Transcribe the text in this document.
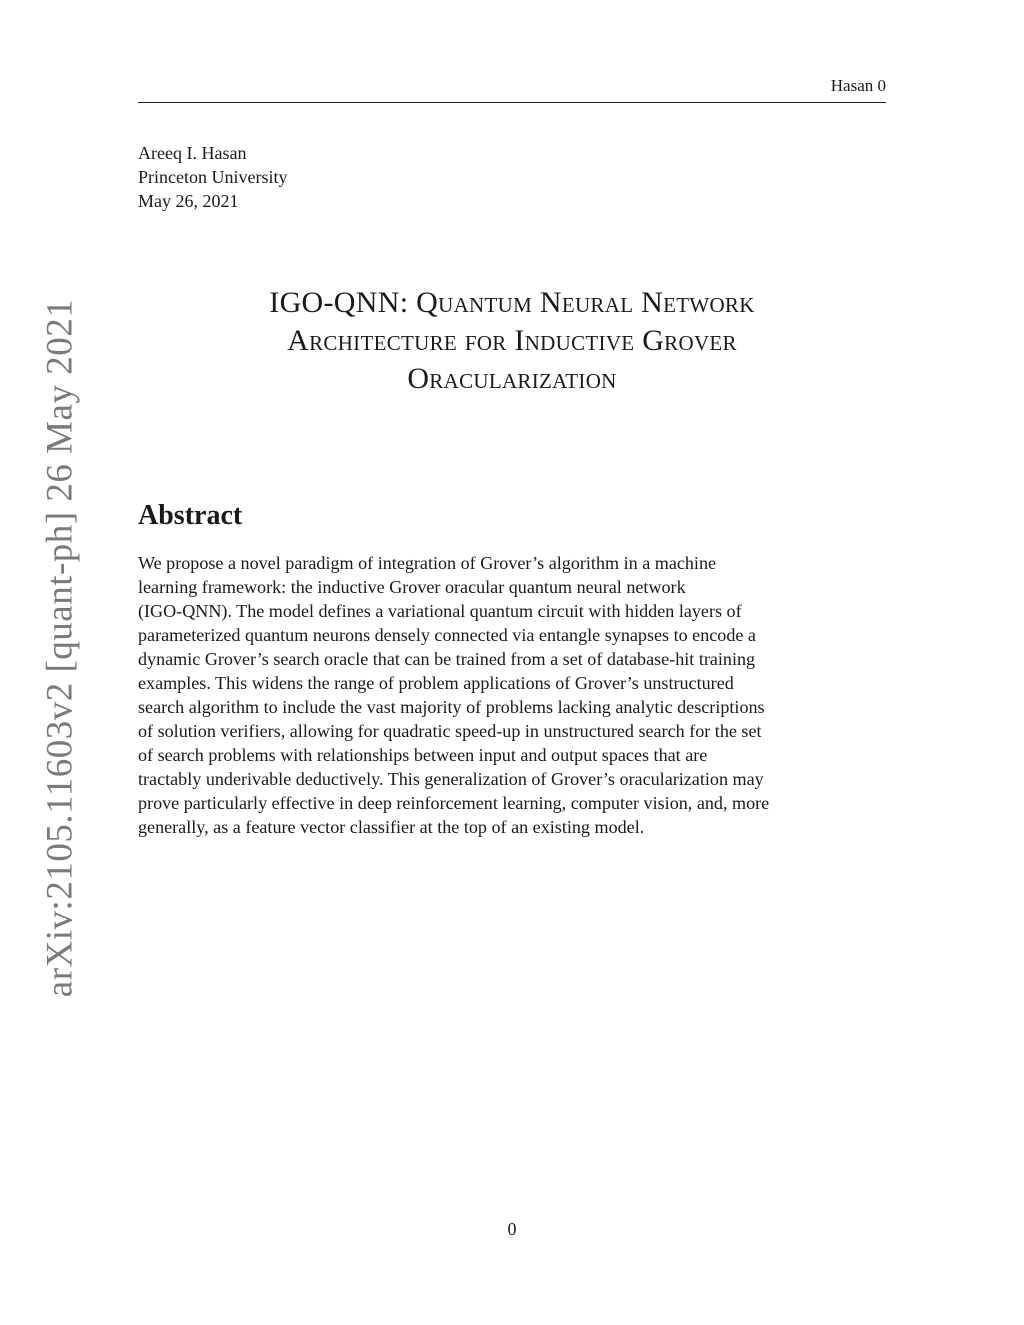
Hasan 0
Areeq I. Hasan
Princeton University
May 26, 2021
IGO-QNN: Quantum Neural Network
Architecture for Inductive Grover
Oracularization
arXiv:2105.11603v2 [quant-ph] 26 May 2021 Abstract
We propose a novel paradigm of integration of Grover’s algorithm in a machine
learning framework: the inductive Grover oracular quantum neural network
(IGO-QNN). The model defines a variational quantum circuit with hidden layers of
parameterized quantum neurons densely connected via entangle synapses to encode a
dynamic Grover’s search oracle that can be trained from a set of database-hit training
examples. This widens the range of problem applications of Grover’s unstructured
search algorithm to include the vast majority of problems lacking analytic descriptions
of solution verifiers, allowing for quadratic speed-up in unstructured search for the set
of search problems with relationships between input and output spaces that are
tractably underivable deductively. This generalization of Grover’s oracularization may
prove particularly effective in deep reinforcement learning, computer vision, and, more
generally, as a feature vector classifier at the top of an existing model.
0
